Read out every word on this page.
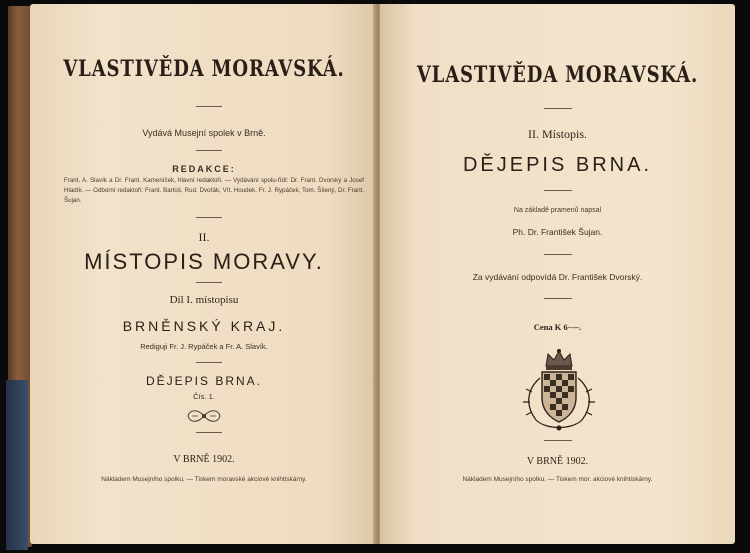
VLASTIVĚDA MORAVSKÁ.
Vydává Musejní spolek v Brně.
REDAKCE:
Frant. A. Slavík a Dr. Frant. Kameníček, hlavní redaktoři. — Vydávání spolu-řídí: Dr. Frant. Dvorský a Josef Hladík. — Odborní redaktoři: Frant. Bartoš, Rud. Dvořák, Vít. Houdek, Fr. J. Rypáček, Tom. Šílený, Dr. Frant. Šujan.
II.
MÍSTOPIS MORAVY.
Díl I. místopisu
BRNĚNSKÝ KRAJ.
Rediguji Fr. J. Rypáček a Fr. A. Slavík.
DĚJEPIS BRNA.
Čís. 1.
V BRNĚ 1902.
Nákladem Musejního spolku. — Tiskem moravské akciové knihtiskárny.
VLASTIVĚDA MORAVSKÁ.
II. Místopis.
DĚJEPIS BRNA.
Na základě pramenů napsal
Ph. Dr. František Šujan.
Za vydávání odpovídá Dr. František Dvorský.
Cena K 6·—.
V BRNĚ 1902.
Nákladem Musejního spolku. — Tiskem mor. akciové knihtiskárny.
